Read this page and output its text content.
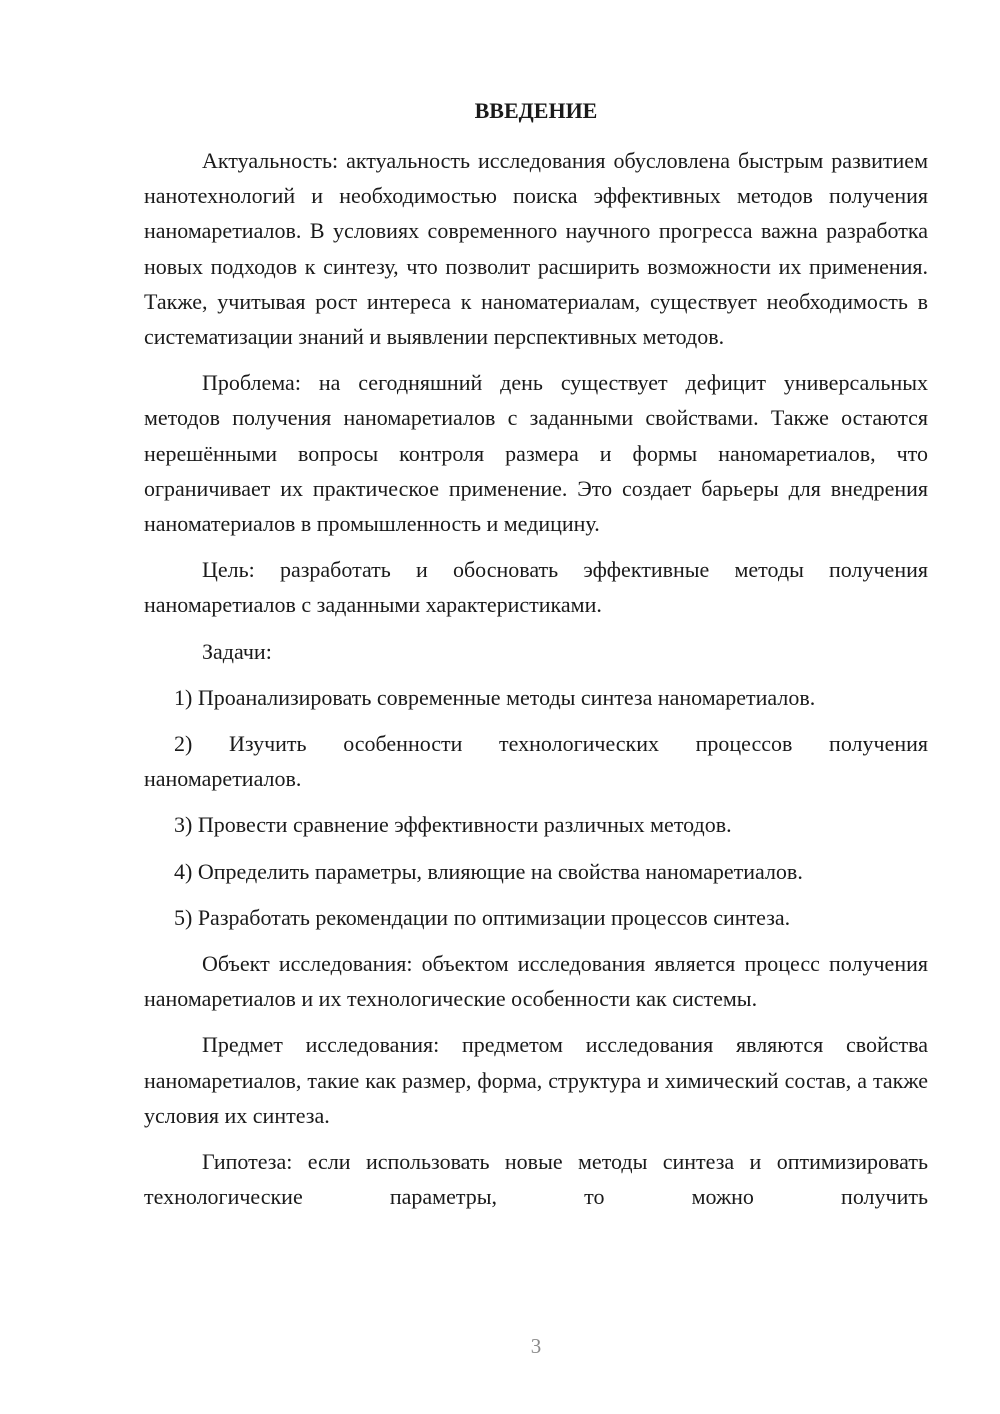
ВВЕДЕНИЕ

Актуальность: актуальность исследования обусловлена быстрым развитием нанотехнологий и необходимостью поиска эффективных методов получения наномаретиалов. В условиях современного научного прогресса важна разработка новых подходов к синтезу, что позволит расширить возможности их применения. Также, учитывая рост интереса к наноматериалам, существует необходимость в систематизации знаний и выявлении перспективных методов.

Проблема: на сегодняшний день существует дефицит универсальных методов получения наномаретиалов с заданными свойствами. Также остаются нерешёнными вопросы контроля размера и формы наномаретиалов, что ограничивает их практическое применение. Это создает барьеры для внедрения наноматериалов в промышленность и медицину.

Цель: разработать и обосновать эффективные методы получения наномаретиалов с заданными характеристиками.

Задачи:

1) Проанализировать современные методы синтеза наномаретиалов.

2) Изучить особенности технологических процессов получения наномаретиалов.

3) Провести сравнение эффективности различных методов.

4) Определить параметры, влияющие на свойства наномаретиалов.

5) Разработать рекомендации по оптимизации процессов синтеза.

Объект исследования: объектом исследования является процесс получения наномаретиалов и их технологические особенности как системы.

Предмет исследования: предметом исследования являются свойства наномаретиалов, такие как размер, форма, структура и химический состав, а также условия их синтеза.

Гипотеза: если использовать новые методы синтеза и оптимизировать технологические параметры, то можно получить

3
